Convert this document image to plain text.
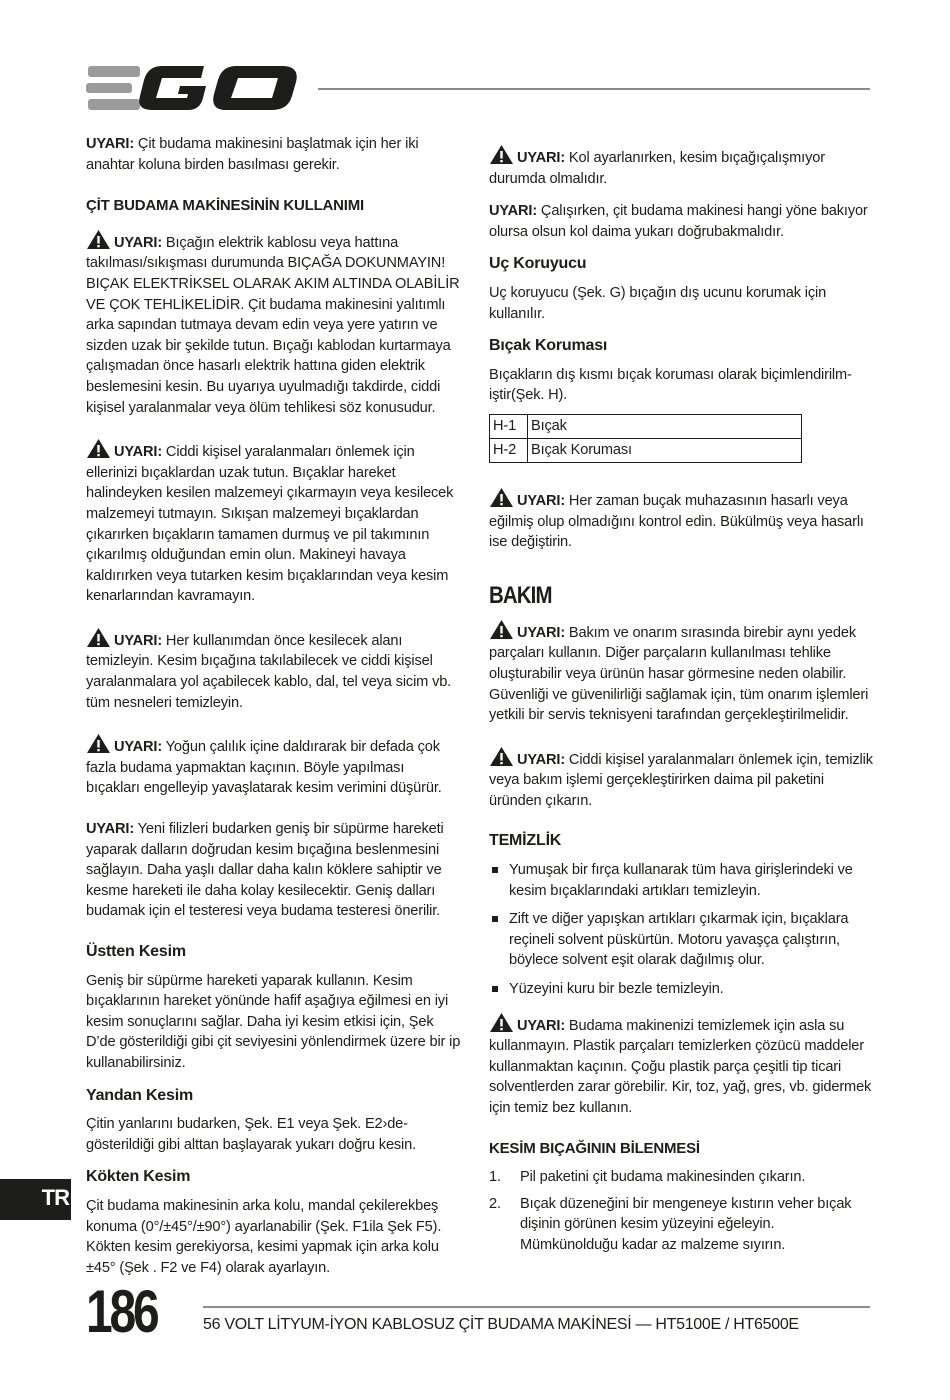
UYARI: Çit budama makinesini başlatmak için her iki anahtar koluna birden basılması gerekir.

ÇİT BUDAMA MAKİNESİNİN KULLANIMI

UYARI: Bıçağın elektrik kablosu veya hattına takılması/sıkışması durumunda BIÇAĞA DOKUNMAYIN! BIÇAK ELEKTRİKSEL OLARAK AKIM ALTINDA OLABİLİR VE ÇOK TEHLİKELİDİR. Çit budama makinesini yalıtımlı arka sapından tutmaya devam edin veya yere yatırın ve sizden uzak bir şekilde tutun. Bıçağı kablodan kurtarmaya çalışmadan önce hasarlı elektrik hattına giden elektrik beslemesini kesin. Bu uyarıya uyulmadığı takdirde, ciddi kişisel yaralanmalar veya ölüm tehlikesi söz konusudur.

UYARI: Ciddi kişisel yaralanmaları önlemek için ellerinizi bıçaklardan uzak tutun. Bıçaklar hareket halindeyken kesilen malzemeyi çıkarmayın veya kesilecek malzemeyi tutmayın. Sıkışan malzemeyi bıçaklardan çıkarırken bıçakların tamamen durmuş ve pil takımının çıkarılmış olduğundan emin olun. Makineyi havaya kaldırırken veya tutarken kesim bıçaklarından veya kesim kenarlarından kavramayın.

UYARI: Her kullanımdan önce kesilecek alanı temizleyin. Kesim bıçağına takılabilecek ve ciddi kişisel yaralanmalara yol açabilecek kablo, dal, tel veya sicim vb. tüm nesneleri temizleyin.

UYARI: Yoğun çalılık içine daldırarak bir defada çok fazla budama yapmaktan kaçının. Böyle yapılması bıçakları engelleyip yavaşlatarak kesim verimini düşürür.

UYARI: Yeni filizleri budarken geniş bir süpürme hareketi yaparak dalların doğrudan kesim bıçağına beslenmesini sağlayın. Daha yaşlı dallar daha kalın köklere sahiptir ve kesme hareketi ile daha kolay kesilecektir. Geniş dalları budamak için el testeresi veya budama testeresi önerilir.

Üstten Kesim

Geniş bir süpürme hareketi yaparak kullanın. Kesim bıçaklarının hareket yönünde hafif aşağıya eğilmesi en iyi kesim sonuçlarını sağlar. Daha iyi kesim etkisi için, Şek D’de gösterildiği gibi çit seviyesini yönlendirmek üzere bir ip kullanabilirsiniz.

Yandan Kesim

Çitin yanlarını budarken, Şek. E1 veya Şek. E2›de-gösterildiği gibi alttan başlayarak yukarı doğru kesin.

Kökten Kesim

Çit budama makinesinin arka kolu, mandal çekilerekbeş konuma (0°/±45°/±90°) ayarlanabilir (Şek. F1ila Şek F5). Kökten kesim gerekiyorsa, kesimi yapmak için arka kolu ±45° (Şek . F2 ve F4) olarak ayarlayın.

UYARI: Kol ayarlanırken, kesim bıçağıçalışmıyor durumda olmalıdır.

UYARI: Çalışırken, çit budama makinesi hangi yöne bakıyor olursa olsun kol daima yukarı doğrubakmalıdır.

Uç Koruyucu

Uç koruyucu (Şek. G) bıçağın dış ucunu korumak için kullanılır.

Bıçak Koruması

Bıçakların dış kısmı bıçak koruması olarak biçimlendirilm-iştir(Şek. H).

H-1	Bıçak
H-2	Bıçak Koruması

UYARI: Her zaman buçak muhazasının hasarlı veya eğilmiş olup olmadığını kontrol edin. Bükülmüş veya hasarlı ise değiştirin.

BAKIM

UYARI: Bakım ve onarım sırasında birebir aynı yedek parçaları kullanın. Diğer parçaların kullanılması tehlike oluşturabilir veya ürünün hasar görmesine neden olabilir. Güvenliği ve güvenilirliği sağlamak için, tüm onarım işlemleri yetkili bir servis teknisyeni tarafından gerçekleştirilmelidir.

UYARI: Ciddi kişisel yaralanmaları önlemek için, temizlik veya bakım işlemi gerçekleştirirken daima pil paketini üründen çıkarın.

TEMİZLİK

Yumuşak bir fırça kullanarak tüm hava girişlerindeki ve kesim bıçaklarındaki artıkları temizleyin.
Zift ve diğer yapışkan artıkları çıkarmak için, bıçaklara reçineli solvent püskürtün. Motoru yavaşça çalıştırın, böylece solvent eşit olarak dağılmış olur.
Yüzeyini kuru bir bezle temizleyin.

UYARI: Budama makinenizi temizlemek için asla su kullanmayın. Plastik parçaları temizlerken çözücü maddeler kullanmaktan kaçının. Çoğu plastik parça çeşitli tip ticari solventlerden zarar görebilir. Kir, toz, yağ, gres, vb. gidermek için temiz bez kullanın.

KESİM BIÇAĞININ BİLENMESİ

1. Pil paketini çit budama makinesinden çıkarın.
2. Bıçak düzeneğini bir mengeneye kıstırın veher bıçak dişinin görünen kesim yüzeyini eğeleyin. Mümkünolduğu kadar az malzeme sıyırın.
TR
186	56 VOLT LİTYUM-İYON KABLOSUZ ÇİT BUDAMA MAKİNESİ — HT5100E / HT6500E
